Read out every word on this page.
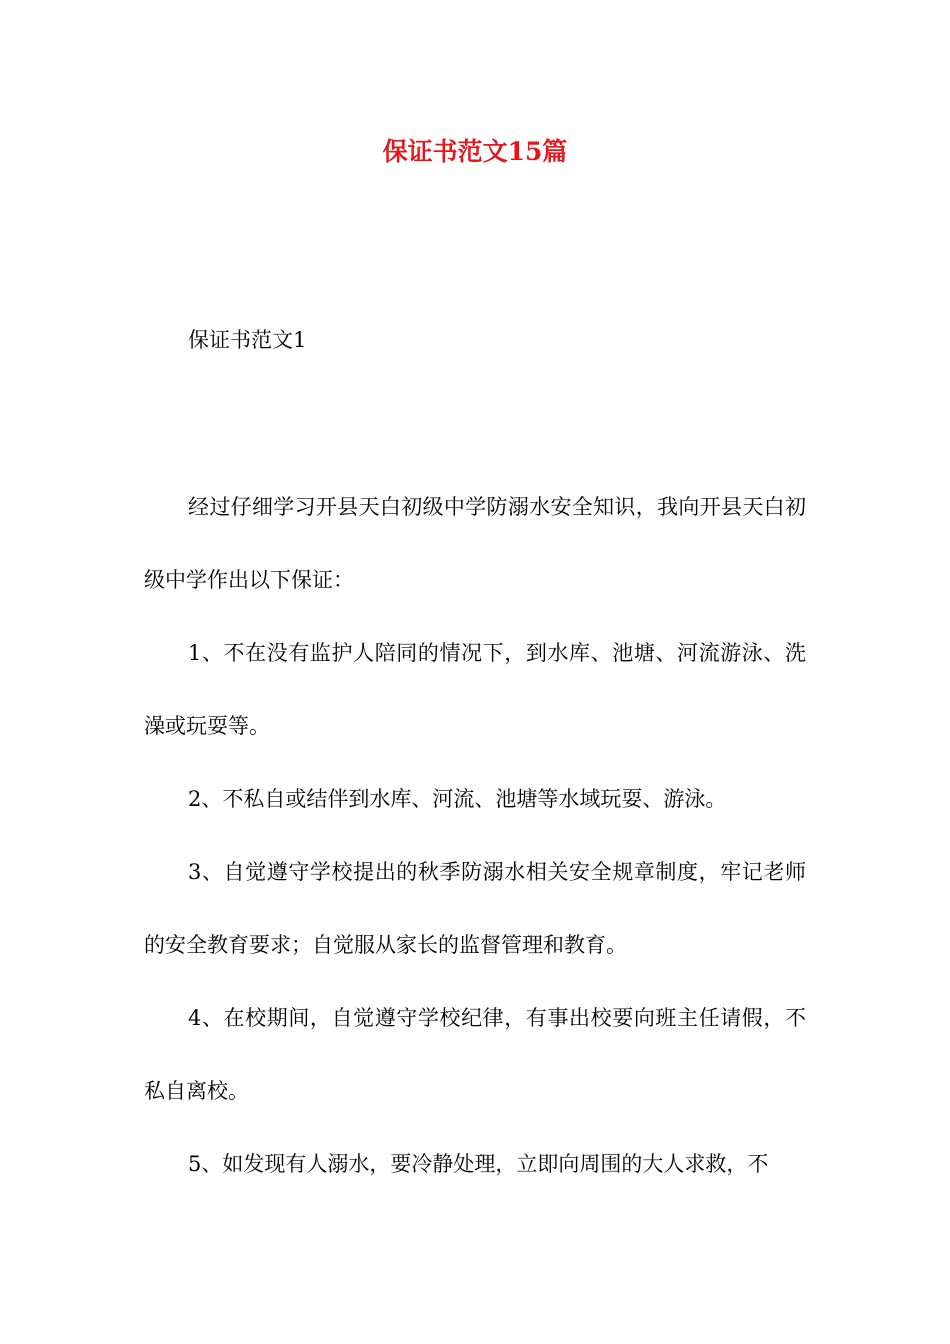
保证书范文15篇

保证书范文1

经过仔细学习开县天白初级中学防溺水安全知识，我向开县天白初级中学作出以下保证：

1、不在没有监护人陪同的情况下，到水库、池塘、河流游泳、洗澡或玩耍等。

2、不私自或结伴到水库、河流、池塘等水域玩耍、游泳。

3、自觉遵守学校提出的秋季防溺水相关安全规章制度，牢记老师的安全教育要求；自觉服从家长的监督管理和教育。

4、在校期间，自觉遵守学校纪律，有事出校要向班主任请假，不私自离校。

5、如发现有人溺水，要冷静处理，立即向周围的大人求救，不
